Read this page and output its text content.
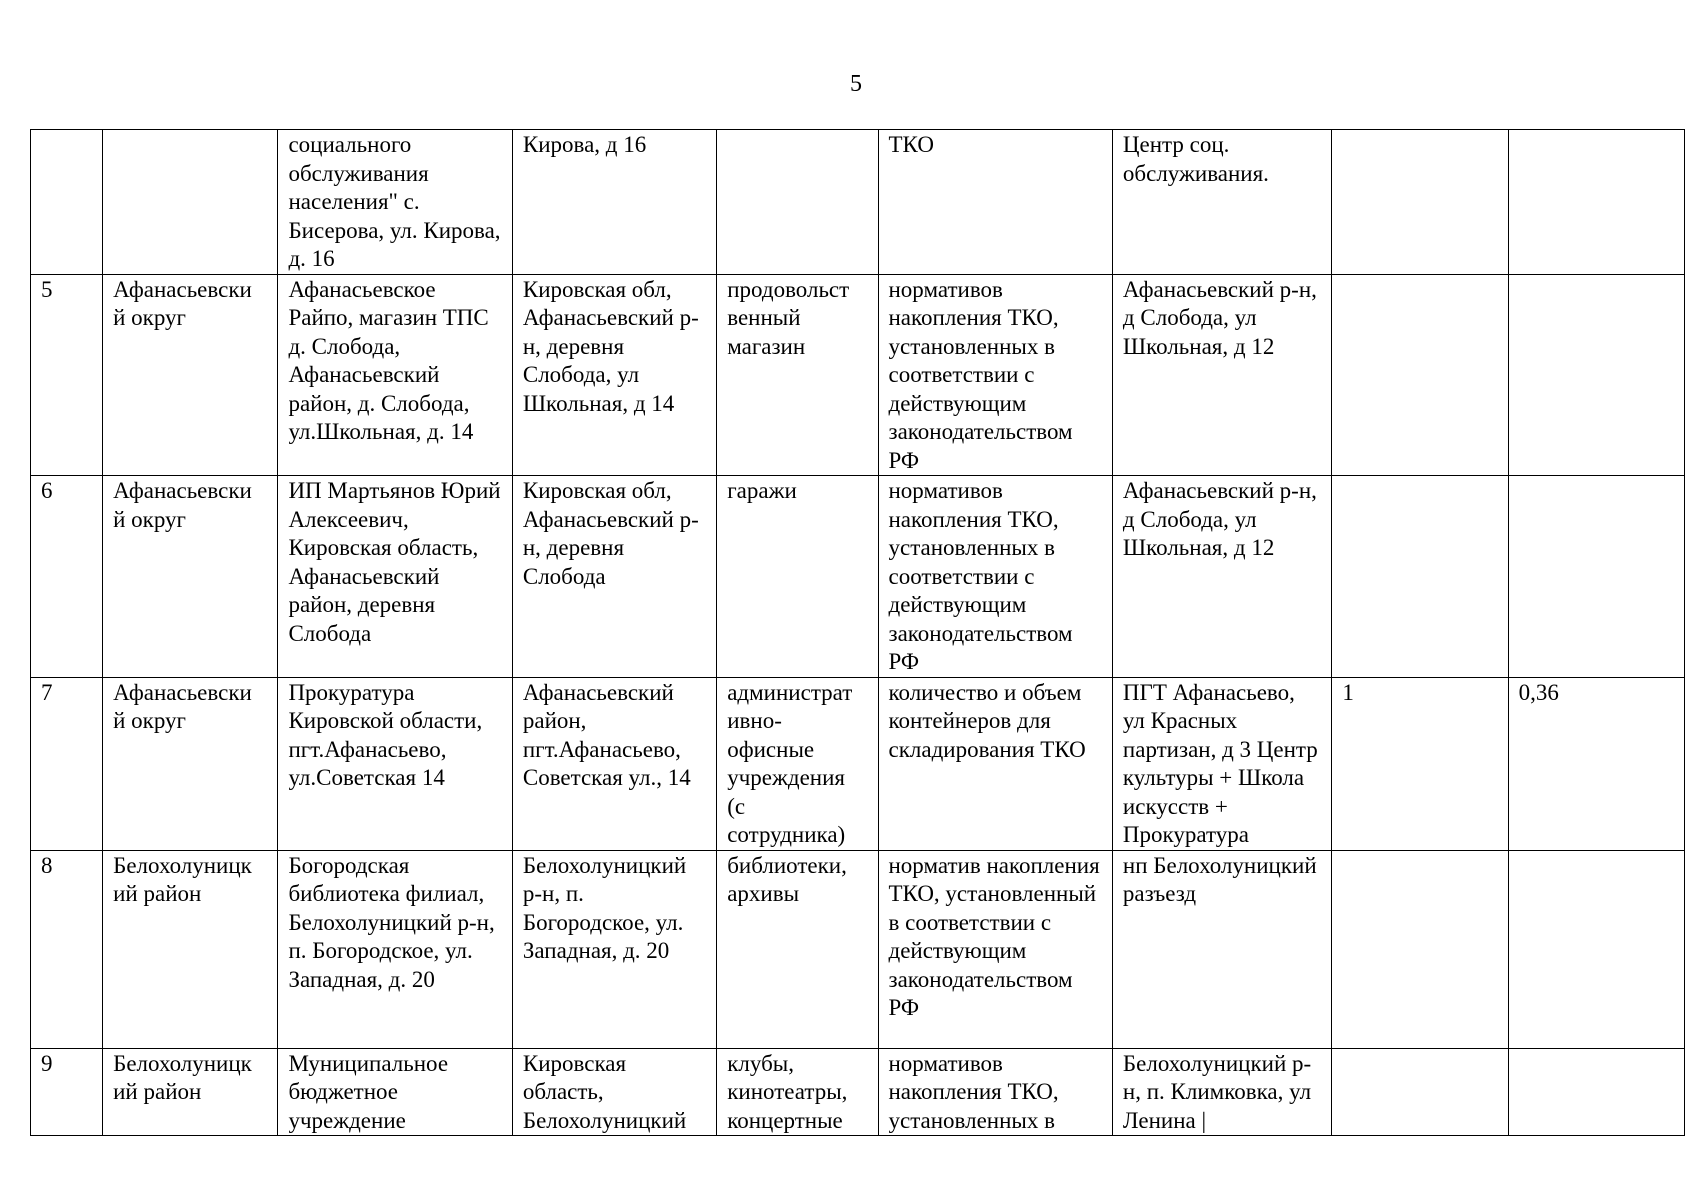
5
		социального обслуживания населения" с. Бисерова, ул. Кирова, д. 16	Кирова, д 16		ТКО	Центр соц. обслуживания.		
5	Афанасьевски й округ	Афанасьевское Райпо, магазин ТПС д. Слобода, Афанасьевский район, д. Слобода, ул.Школьная, д. 14	Кировская обл, Афанасьевский р-н, деревня Слобода, ул Школьная, д 14	продовольст венный магазин	нормативов накопления ТКО, установленных в соответствии с действующим законодательством РФ	Афанасьевский р-н, д Слобода, ул Школьная, д 12		
6	Афанасьевски й округ	ИП Мартьянов Юрий Алексеевич, Кировская область, Афанасьевский район, деревня Слобода	Кировская обл, Афанасьевский р-н, деревня Слобода	гаражи	нормативов накопления ТКО, установленных в соответствии с действующим законодательством РФ	Афанасьевский р-н, д Слобода, ул Школьная, д 12		
7	Афанасьевски й округ	Прокуратура Кировской области, пгт.Афанасьево, ул.Советская 14	Афанасьевский район, пгт.Афанасьево, Советская ул., 14	администрат ивно-офисные учреждения (с сотрудника)	количество и объем контейнеров для складирования ТКО	ПГТ Афанасьево, ул Красных партизан, д 3 Центр культуры + Школа искусств + Прокуратура	1	0,36
8	Белохолуницк ий район	Богородская библиотека филиал, Белохолуницкий р-н, п. Богородское, ул. Западная, д. 20	Белохолуницкий р-н, п. Богородское, ул. Западная, д. 20	библиотеки, архивы	норматив накопления ТКО, установленный в соответствии с действующим законодательством РФ	нп Белохолуницкий разъезд		
9	Белохолуницк ий район	Муниципальное бюджетное учреждение	Кировская область, Белохолуницкий	клубы, кинотеатры, концертные	нормативов накопления ТКО, установленных в	Белохолуницкий р-н, п. Климковка, ул Ленина |		
